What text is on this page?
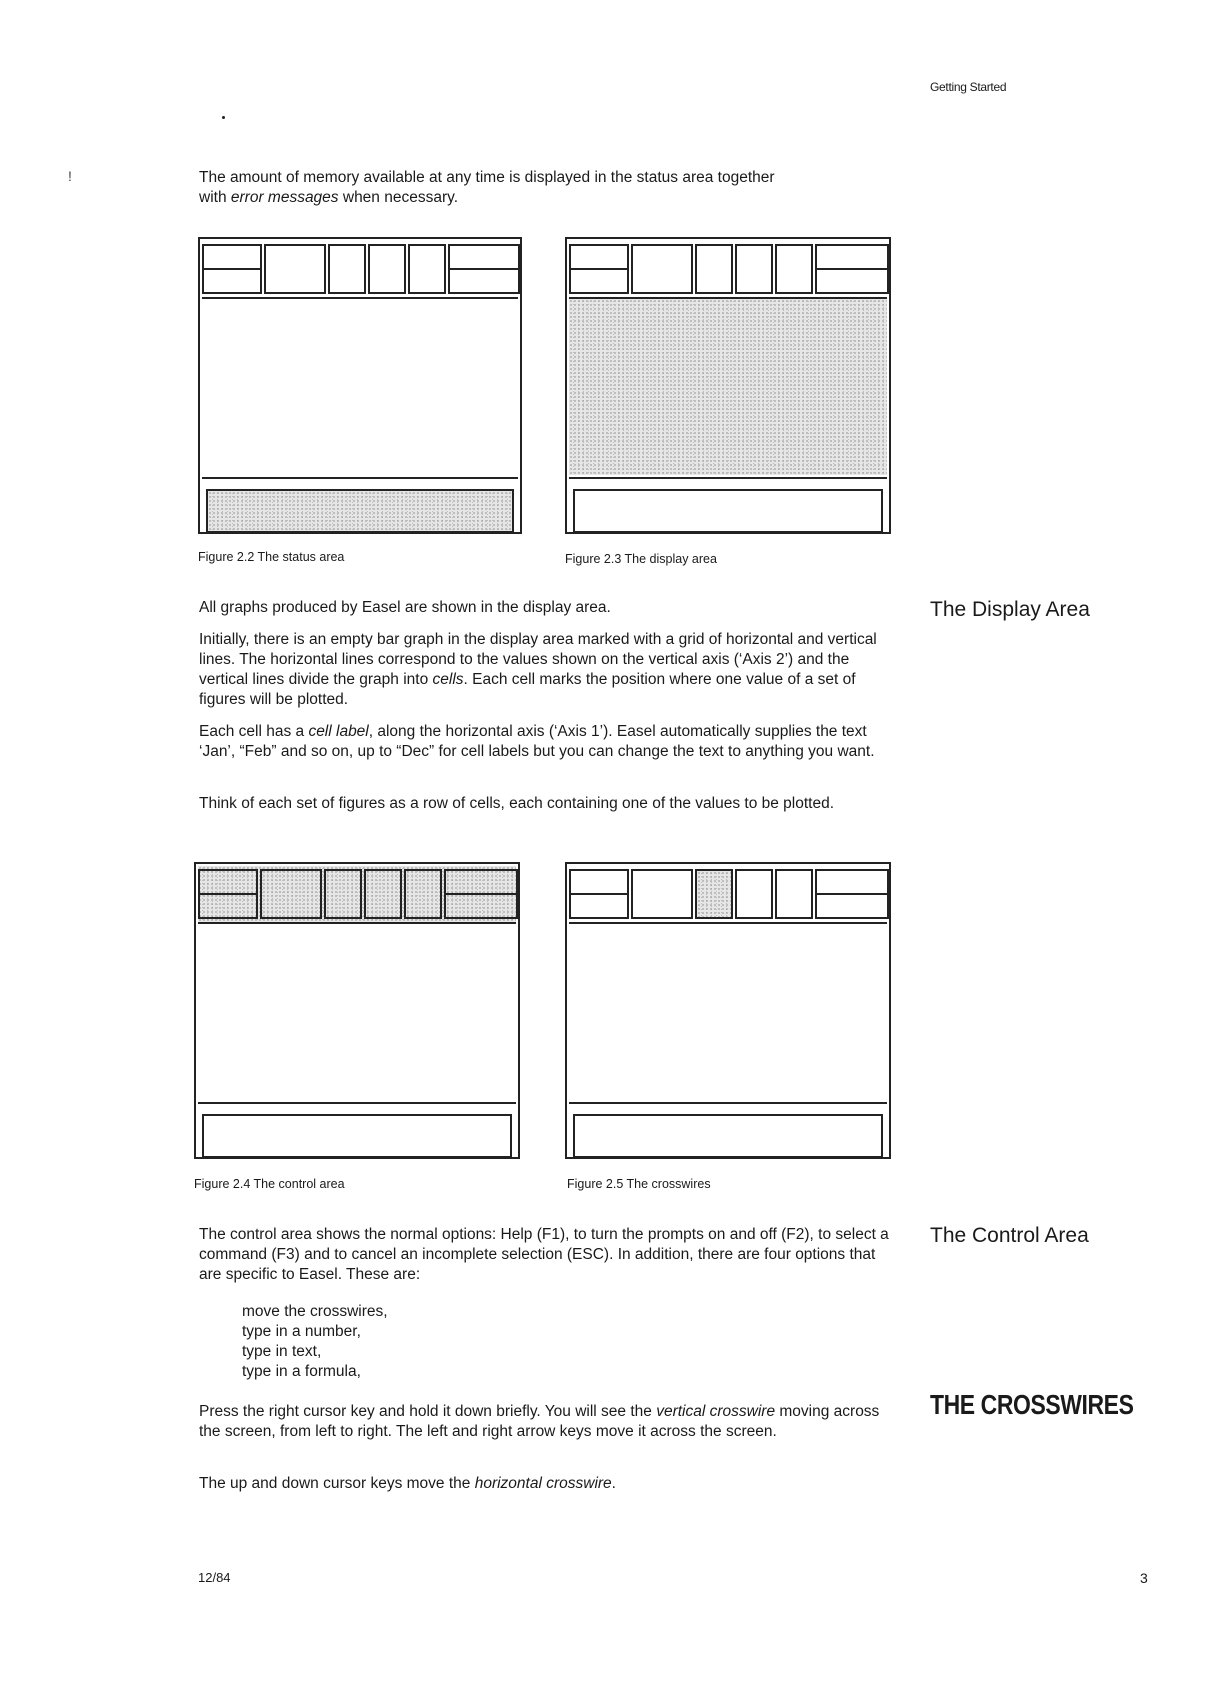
Getting Started
!	The amount of memory available at any time is displayed in the status area together
with error messages when necessary.
Figure 2.2 The status area	Figure 2.3 The display area
The Display Area
All graphs produced by Easel are shown in the display area.
Initially, there is an empty bar graph in the display area marked with a grid of horizontal and vertical lines. The horizontal lines correspond to the values shown on the vertical axis (‘Axis 2’) and the vertical lines divide the graph into cells. Each cell marks the position where one value of a set of figures will be plotted.
Each cell has a cell label, along the horizontal axis (‘Axis 1’). Easel automatically supplies the text ‘Jan’, “Feb” and so on, up to “Dec” for cell labels but you can change the text to anything you want.
Think of each set of figures as a row of cells, each containing one of the values to be plotted.
Figure 2.4 The control area	Figure 2.5 The crosswires
The Control Area
The control area shows the normal options: Help (F1), to turn the prompts on and off (F2), to select a command (F3) and to cancel an incomplete selection (ESC). In addition, there are four options that are specific to Easel. These are:
move the crosswires,
type in a number,
type in text,
type in a formula,
THE CROSSWIRES
Press the right cursor key and hold it down briefly. You will see the vertical crosswire moving across the screen, from left to right. The left and right arrow keys move it across the screen.
The up and down cursor keys move the horizontal crosswire.
12/84	3
